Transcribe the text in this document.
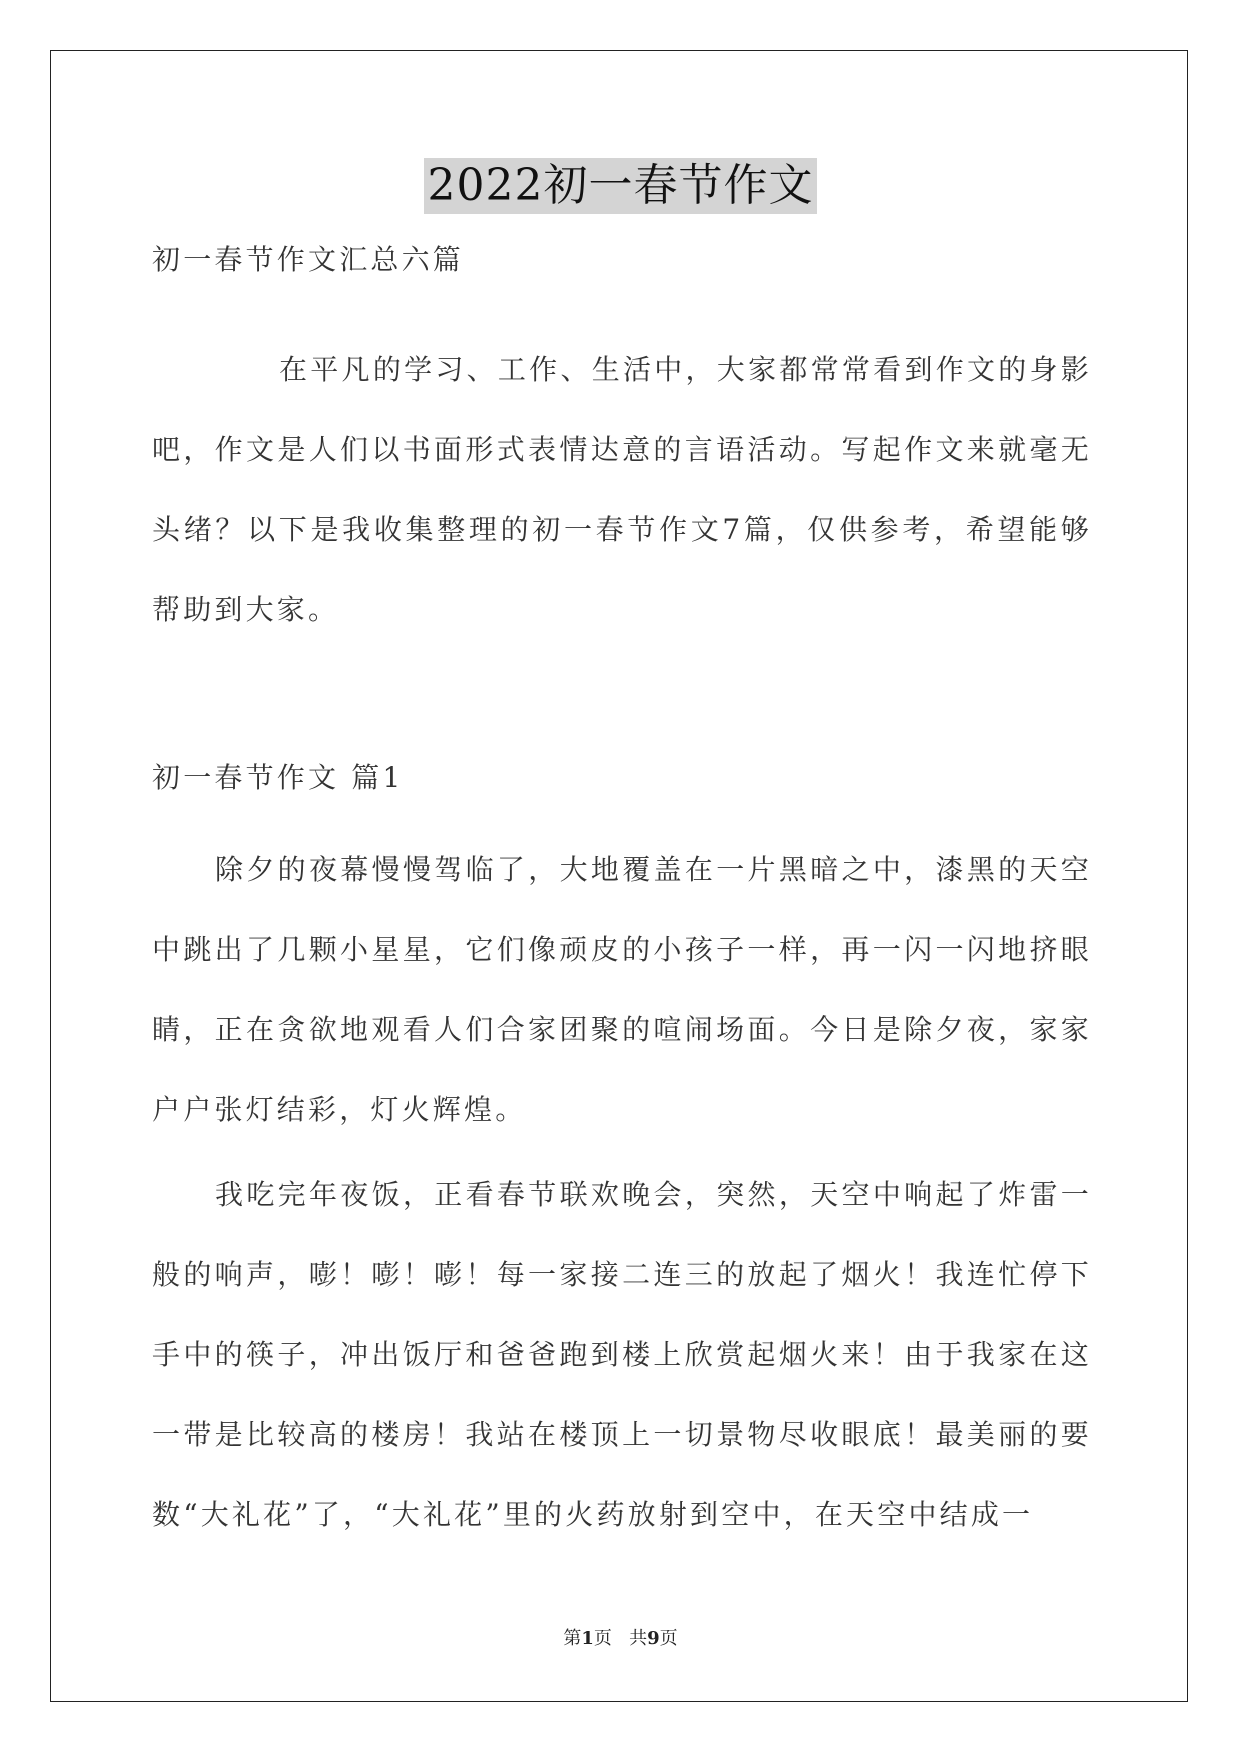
2022初一春节作文
初一春节作文汇总六篇
在平凡的学习、工作、生活中，大家都常常看到作文的身影吧，作文是人们以书面形式表情达意的言语活动。写起作文来就毫无头绪？以下是我收集整理的初一春节作文7篇，仅供参考，希望能够帮助到大家。
初一春节作文 篇1
除夕的夜幕慢慢驾临了，大地覆盖在一片黑暗之中，漆黑的天空中跳出了几颗小星星，它们像顽皮的小孩子一样，再一闪一闪地挤眼睛，正在贪欲地观看人们合家团聚的喧闹场面。今日是除夕夜，家家户户张灯结彩，灯火辉煌。
我吃完年夜饭，正看春节联欢晚会，突然，天空中响起了炸雷一般的响声，嘭！嘭！嘭！每一家接二连三的放起了烟火！我连忙停下手中的筷子，冲出饭厅和爸爸跑到楼上欣赏起烟火来！由于我家在这一带是比较高的楼房！我站在楼顶上一切景物尽收眼底！最美丽的要数“大礼花”了，“大礼花”里的火药放射到空中，在天空中结成一
第1页 共9页
